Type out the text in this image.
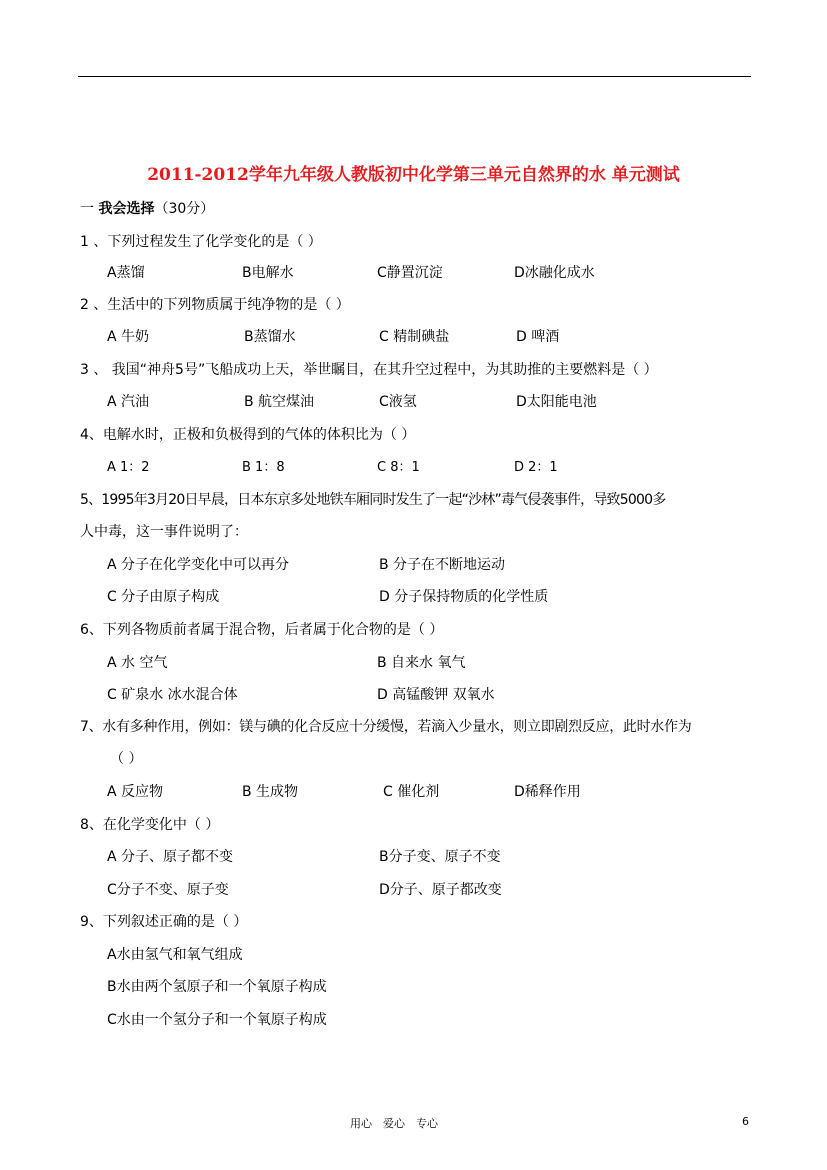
2011-2012学年九年级人教版初中化学第三单元自然界的水 单元测试
一 我会选择（30分）
1 、下列过程发生了化学变化的是（ ）
A蒸馏	B电解水	C静置沉淀	D冰融化成水
2 、生活中的下列物质属于纯净物的是（ ）
A 牛奶	B蒸馏水	C 精制碘盐	D 啤酒
3 、 我国“神舟5号”飞船成功上天，举世瞩目，在其升空过程中，为其助推的主要燃料是（ ）
A 汽油	B 航空煤油	C液氢	D太阳能电池
4、电解水时，正极和负极得到的气体的体积比为（ ）
A 1：2	B 1：8	C 8：1	D 2：1
5、1995年3月20日早晨，日本东京多处地铁车厢同时发生了一起“沙林”毒气侵袭事件，导致5000多
人中毒，这一事件说明了：
A 分子在化学变化中可以再分	B 分子在不断地运动
C 分子由原子构成	D 分子保持物质的化学性质
6、下列各物质前者属于混合物，后者属于化合物的是（ ）
A 水 空气	B 自来水 氧气
C 矿泉水 冰水混合体	D 高锰酸钾 双氧水
7、水有多种作用，例如：镁与碘的化合反应十分缓慢，若滴入少量水，则立即剧烈反应，此时水作为
（ ）
A 反应物	B 生成物	C 催化剂	D稀释作用
8、在化学变化中（ ）
A 分子、原子都不变	B分子变、原子不变
C分子不变、原子变	D分子、原子都改变
9、下列叙述正确的是（ ）
A水由氢气和氧气组成
B水由两个氢原子和一个氧原子构成
C水由一个氢分子和一个氧原子构成
用心　爱心　专心	6
